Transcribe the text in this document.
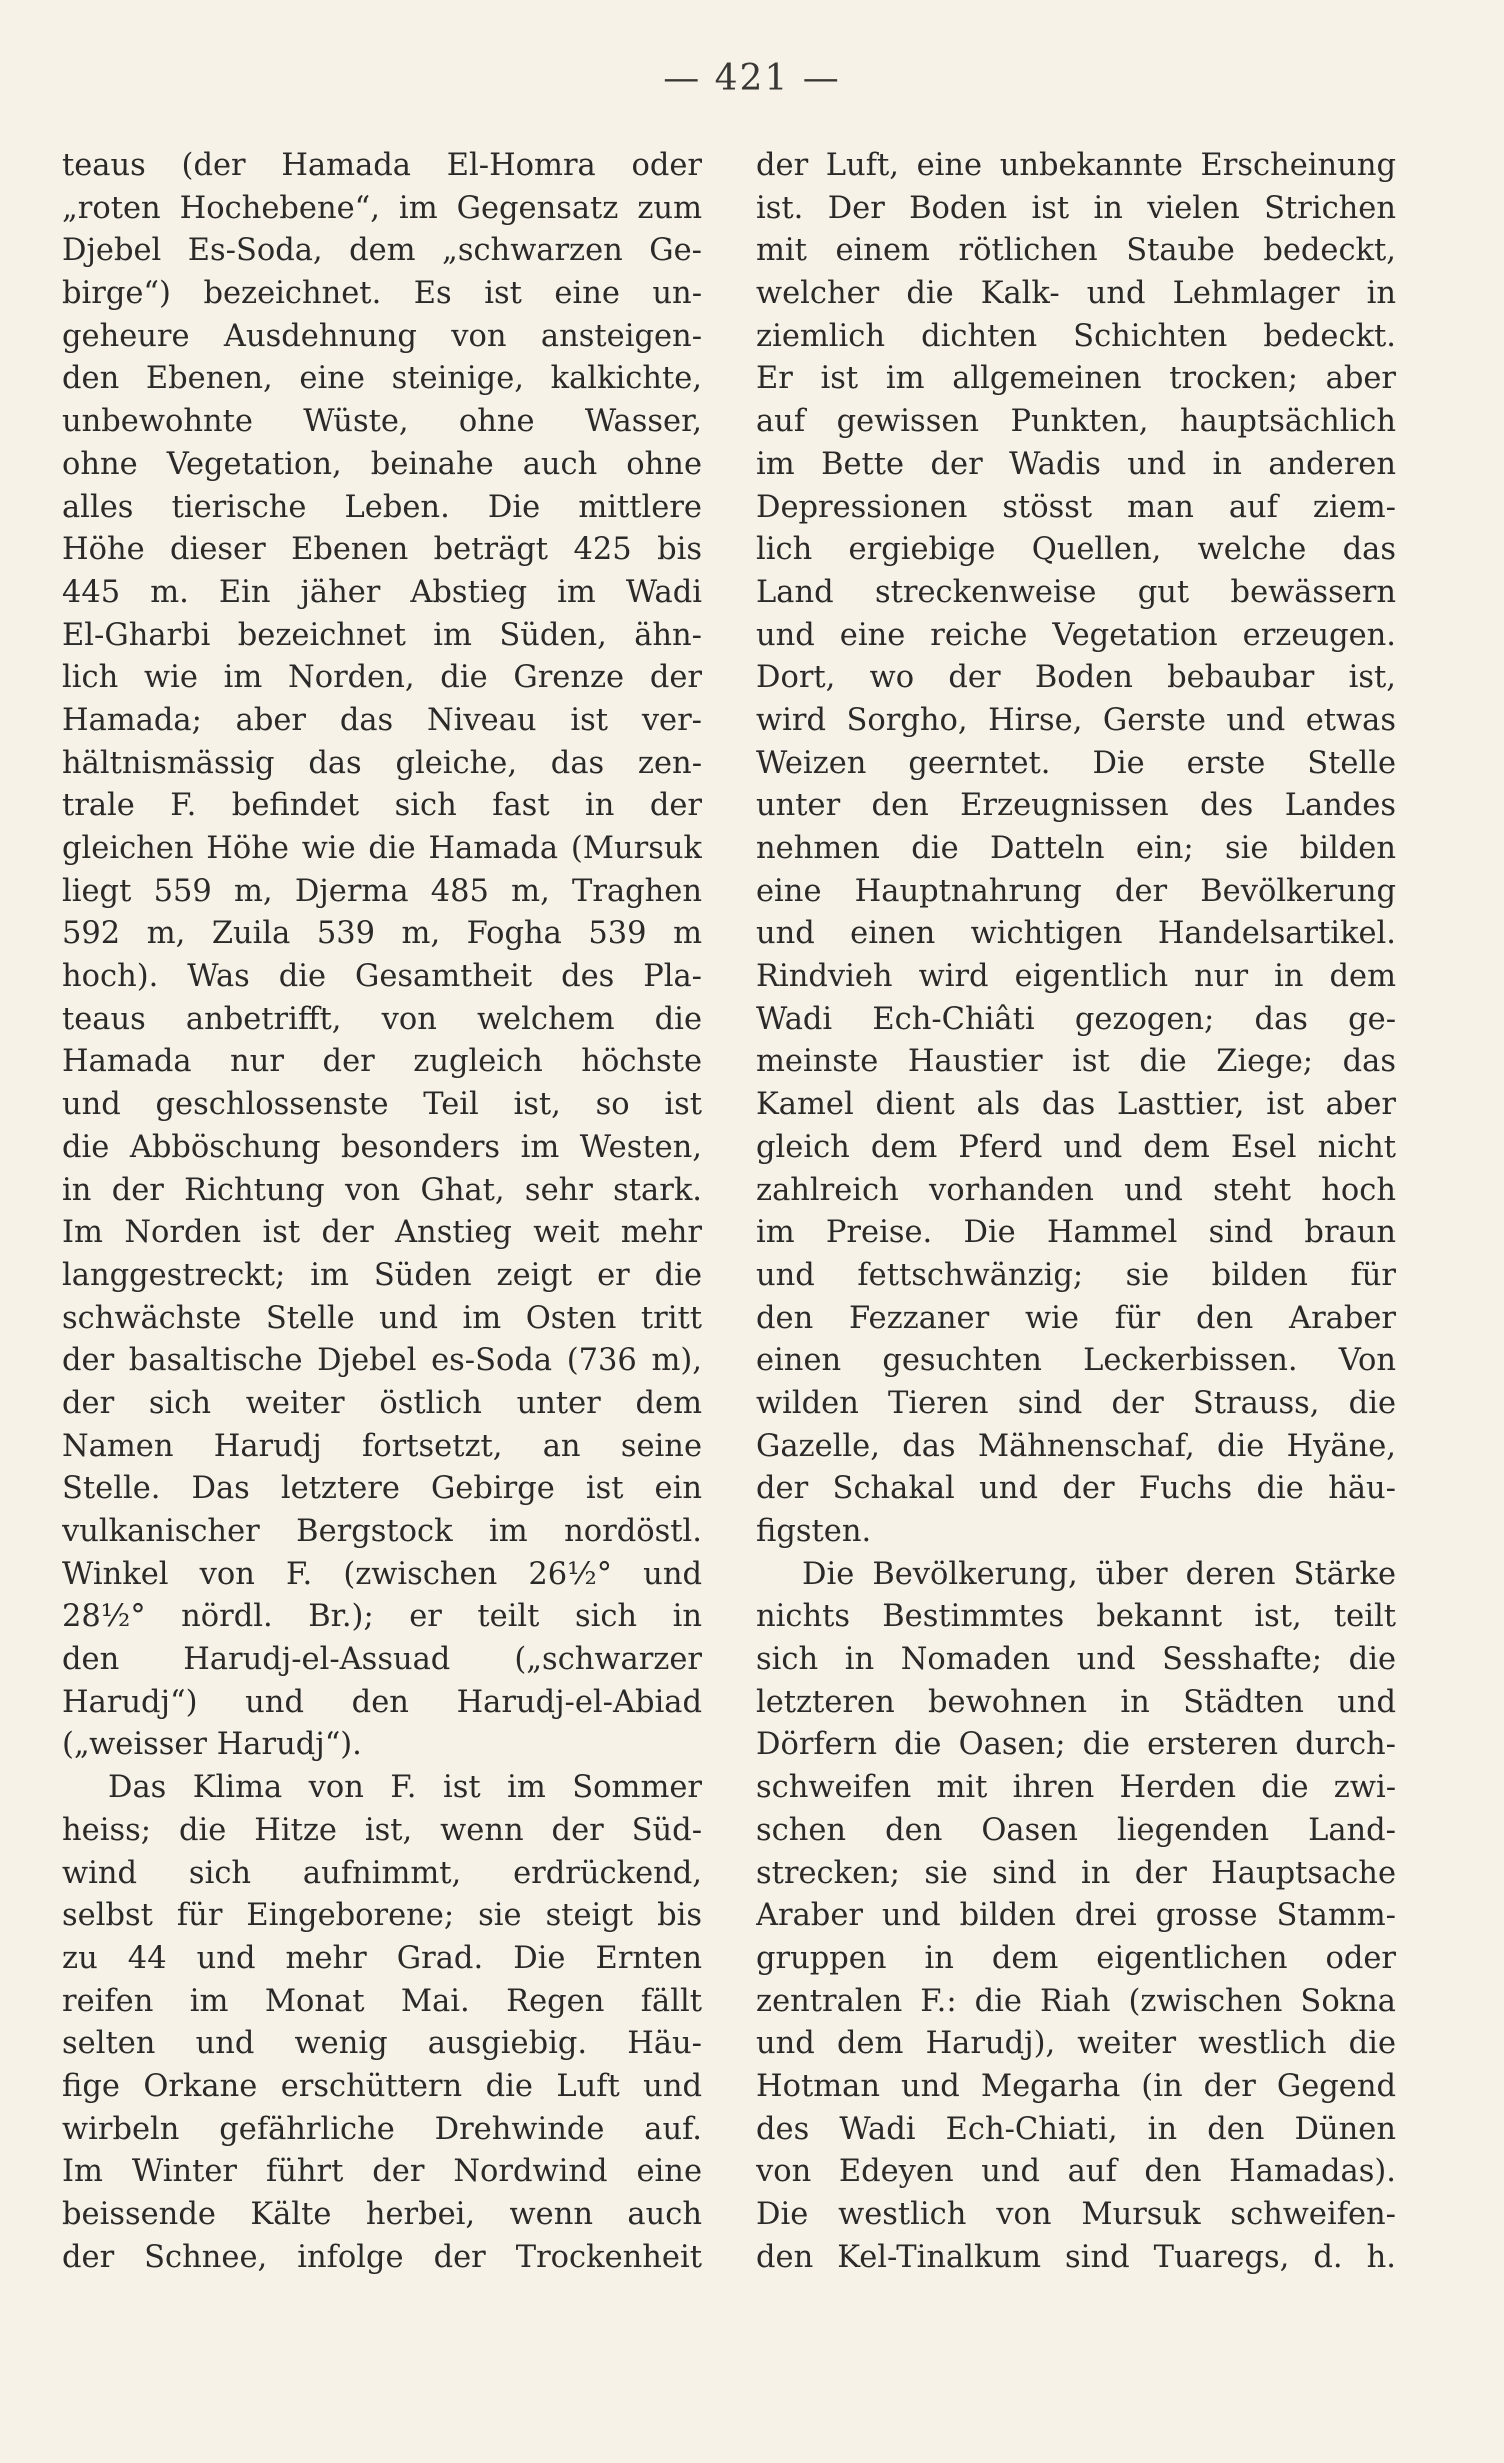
— 421 —
teaus (der Hamada El-Homra oder
„roten Hochebene“, im Gegensatz zum
Djebel Es-Soda, dem „schwarzen Ge-
birge“) bezeichnet. Es ist eine un-
geheure Ausdehnung von ansteigen-
den Ebenen, eine steinige, kalkichte,
unbewohnte Wüste, ohne Wasser,
ohne Vegetation, beinahe auch ohne
alles tierische Leben. Die mittlere
Höhe dieser Ebenen beträgt 425 bis
445 m. Ein jäher Abstieg im Wadi
El-Gharbi bezeichnet im Süden, ähn-
lich wie im Norden, die Grenze der
Hamada; aber das Niveau ist ver-
hältnismässig das gleiche, das zen-
trale F. befindet sich fast in der
gleichen Höhe wie die Hamada (Mursuk
liegt 559 m, Djerma 485 m, Traghen
592 m, Zuila 539 m, Fogha 539 m
hoch). Was die Gesamtheit des Pla-
teaus anbetrifft, von welchem die
Hamada nur der zugleich höchste
und geschlossenste Teil ist, so ist
die Abböschung besonders im Westen,
in der Richtung von Ghat, sehr stark.
Im Norden ist der Anstieg weit mehr
langgestreckt; im Süden zeigt er die
schwächste Stelle und im Osten tritt
der basaltische Djebel es-Soda (736 m),
der sich weiter östlich unter dem
Namen Harudj fortsetzt, an seine
Stelle. Das letztere Gebirge ist ein
vulkanischer Bergstock im nordöstl.
Winkel von F. (zwischen 26½° und
28½° nördl. Br.); er teilt sich in
den Harudj-el-Assuad („schwarzer
Harudj“) und den Harudj-el-Abiad
(„weisser Harudj“).
Das Klima von F. ist im Sommer
heiss; die Hitze ist, wenn der Süd-
wind sich aufnimmt, erdrückend,
selbst für Eingeborene; sie steigt bis
zu 44 und mehr Grad. Die Ernten
reifen im Monat Mai. Regen fällt
selten und wenig ausgiebig. Häu-
fige Orkane erschüttern die Luft und
wirbeln gefährliche Drehwinde auf.
Im Winter führt der Nordwind eine
beissende Kälte herbei, wenn auch
der Schnee, infolge der Trockenheit
der Luft, eine unbekannte Erscheinung
ist. Der Boden ist in vielen Strichen
mit einem rötlichen Staube bedeckt,
welcher die Kalk- und Lehmlager in
ziemlich dichten Schichten bedeckt.
Er ist im allgemeinen trocken; aber
auf gewissen Punkten, hauptsächlich
im Bette der Wadis und in anderen
Depressionen stösst man auf ziem-
lich ergiebige Quellen, welche das
Land streckenweise gut bewässern
und eine reiche Vegetation erzeugen.
Dort, wo der Boden bebaubar ist,
wird Sorgho, Hirse, Gerste und etwas
Weizen geerntet. Die erste Stelle
unter den Erzeugnissen des Landes
nehmen die Datteln ein; sie bilden
eine Hauptnahrung der Bevölkerung
und einen wichtigen Handelsartikel.
Rindvieh wird eigentlich nur in dem
Wadi Ech-Chiâti gezogen; das ge-
meinste Haustier ist die Ziege; das
Kamel dient als das Lasttier, ist aber
gleich dem Pferd und dem Esel nicht
zahlreich vorhanden und steht hoch
im Preise. Die Hammel sind braun
und fettschwänzig; sie bilden für
den Fezzaner wie für den Araber
einen gesuchten Leckerbissen. Von
wilden Tieren sind der Strauss, die
Gazelle, das Mähnenschaf, die Hyäne,
der Schakal und der Fuchs die häu-
figsten.
Die Bevölkerung, über deren Stärke
nichts Bestimmtes bekannt ist, teilt
sich in Nomaden und Sesshafte; die
letzteren bewohnen in Städten und
Dörfern die Oasen; die ersteren durch-
schweifen mit ihren Herden die zwi-
schen den Oasen liegenden Land-
strecken; sie sind in der Hauptsache
Araber und bilden drei grosse Stamm-
gruppen in dem eigentlichen oder
zentralen F.: die Riah (zwischen Sokna
und dem Harudj), weiter westlich die
Hotman und Megarha (in der Gegend
des Wadi Ech-Chiati, in den Dünen
von Edeyen und auf den Hamadas).
Die westlich von Mursuk schweifen-
den Kel-Tinalkum sind Tuaregs, d. h.
